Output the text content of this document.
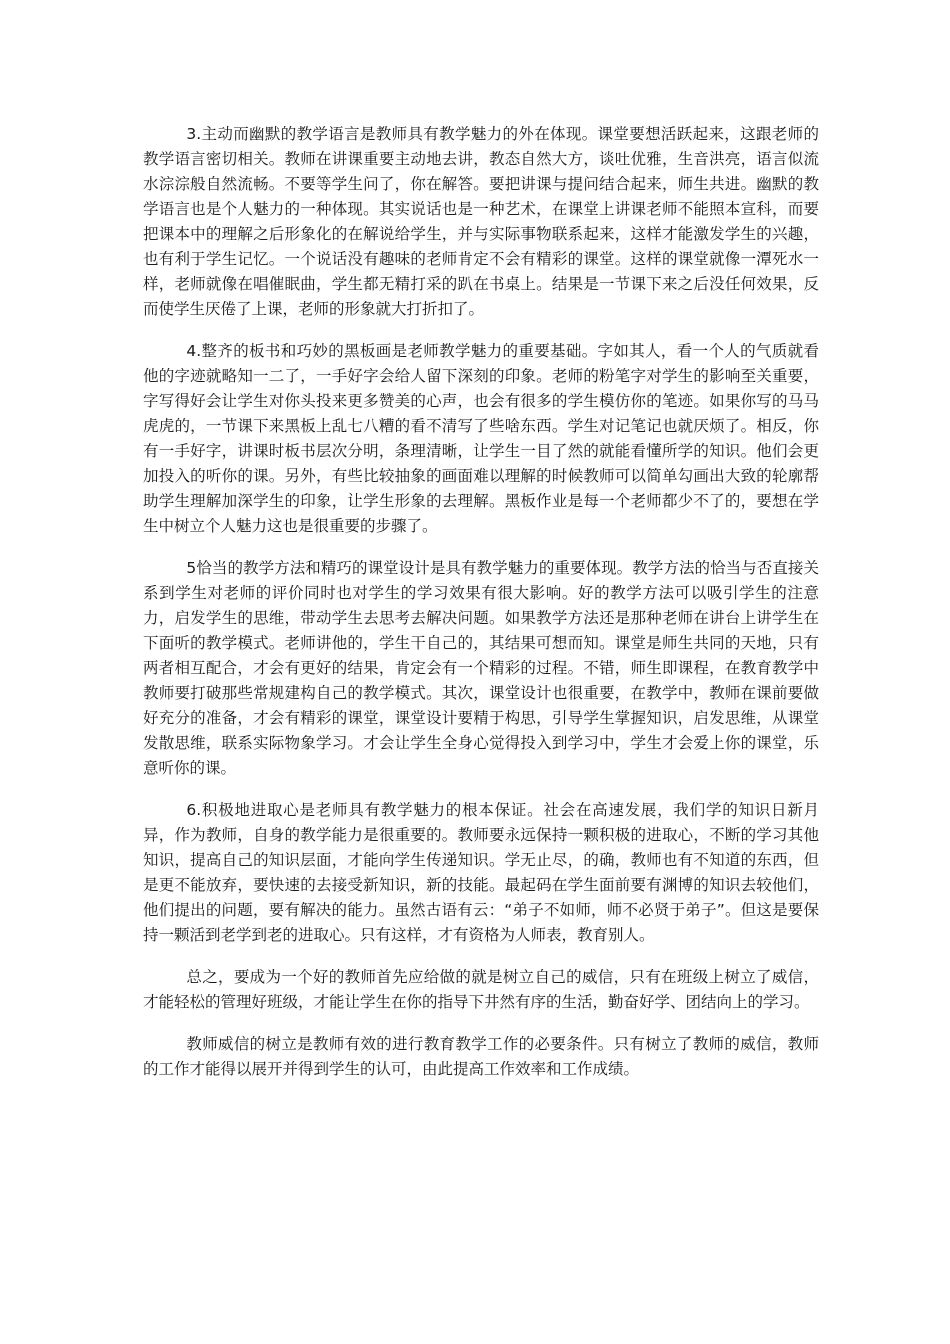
3.主动而幽默的教学语言是教师具有教学魅力的外在体现。课堂要想活跃起来，这跟老师的教学语言密切相关。教师在讲课重要主动地去讲，教态自然大方，谈吐优雅，生音洪亮，语言似流水淙淙般自然流畅。不要等学生问了，你在解答。要把讲课与提问结合起来，师生共进。幽默的教学语言也是个人魅力的一种体现。其实说话也是一种艺术，在课堂上讲课老师不能照本宣科，而要把课本中的理解之后形象化的在解说给学生，并与实际事物联系起来，这样才能激发学生的兴趣，也有利于学生记忆。一个说话没有趣味的老师肯定不会有精彩的课堂。这样的课堂就像一潭死水一样，老师就像在唱催眠曲，学生都无精打采的趴在书桌上。结果是一节课下来之后没任何效果，反而使学生厌倦了上课，老师的形象就大打折扣了。

4.整齐的板书和巧妙的黑板画是老师教学魅力的重要基础。字如其人，看一个人的气质就看他的字迹就略知一二了，一手好字会给人留下深刻的印象。老师的粉笔字对学生的影响至关重要，字写得好会让学生对你头投来更多赞美的心声，也会有很多的学生模仿你的笔迹。如果你写的马马虎虎的，一节课下来黑板上乱七八糟的看不清写了些啥东西。学生对记笔记也就厌烦了。相反，你有一手好字，讲课时板书层次分明，条理清晰，让学生一目了然的就能看懂所学的知识。他们会更加投入的听你的课。另外，有些比较抽象的画面难以理解的时候教师可以简单勾画出大致的轮廓帮助学生理解加深学生的印象，让学生形象的去理解。黑板作业是每一个老师都少不了的，要想在学生中树立个人魅力这也是很重要的步骤了。

5恰当的教学方法和精巧的课堂设计是具有教学魅力的重要体现。教学方法的恰当与否直接关系到学生对老师的评价同时也对学生的学习效果有很大影响。好的教学方法可以吸引学生的注意力，启发学生的思维，带动学生去思考去解决问题。如果教学方法还是那种老师在讲台上讲学生在下面听的教学模式。老师讲他的，学生干自己的，其结果可想而知。课堂是师生共同的天地，只有两者相互配合，才会有更好的结果，肯定会有一个精彩的过程。不错，师生即课程，在教育教学中教师要打破那些常规建构自己的教学模式。其次，课堂设计也很重要，在教学中，教师在课前要做好充分的准备，才会有精彩的课堂，课堂设计要精于构思，引导学生掌握知识，启发思维，从课堂发散思维，联系实际物象学习。才会让学生全身心觉得投入到学习中，学生才会爱上你的课堂，乐意听你的课。

6.积极地进取心是老师具有教学魅力的根本保证。社会在高速发展，我们学的知识日新月异，作为教师，自身的教学能力是很重要的。教师要永远保持一颗积极的进取心，不断的学习其他知识，提高自己的知识层面，才能向学生传递知识。学无止尽，的确，教师也有不知道的东西，但是更不能放弃，要快速的去接受新知识，新的技能。最起码在学生面前要有渊博的知识去较他们，他们提出的问题，要有解决的能力。虽然古语有云：“弟子不如师，师不必贤于弟子”。但这是要保持一颗活到老学到老的进取心。只有这样，才有资格为人师表，教育别人。

总之，要成为一个好的教师首先应给做的就是树立自己的威信，只有在班级上树立了威信，才能轻松的管理好班级，才能让学生在你的指导下井然有序的生活，勤奋好学、团结向上的学习。

教师威信的树立是教师有效的进行教育教学工作的必要条件。只有树立了教师的威信，教师的工作才能得以展开并得到学生的认可，由此提高工作效率和工作成绩。
